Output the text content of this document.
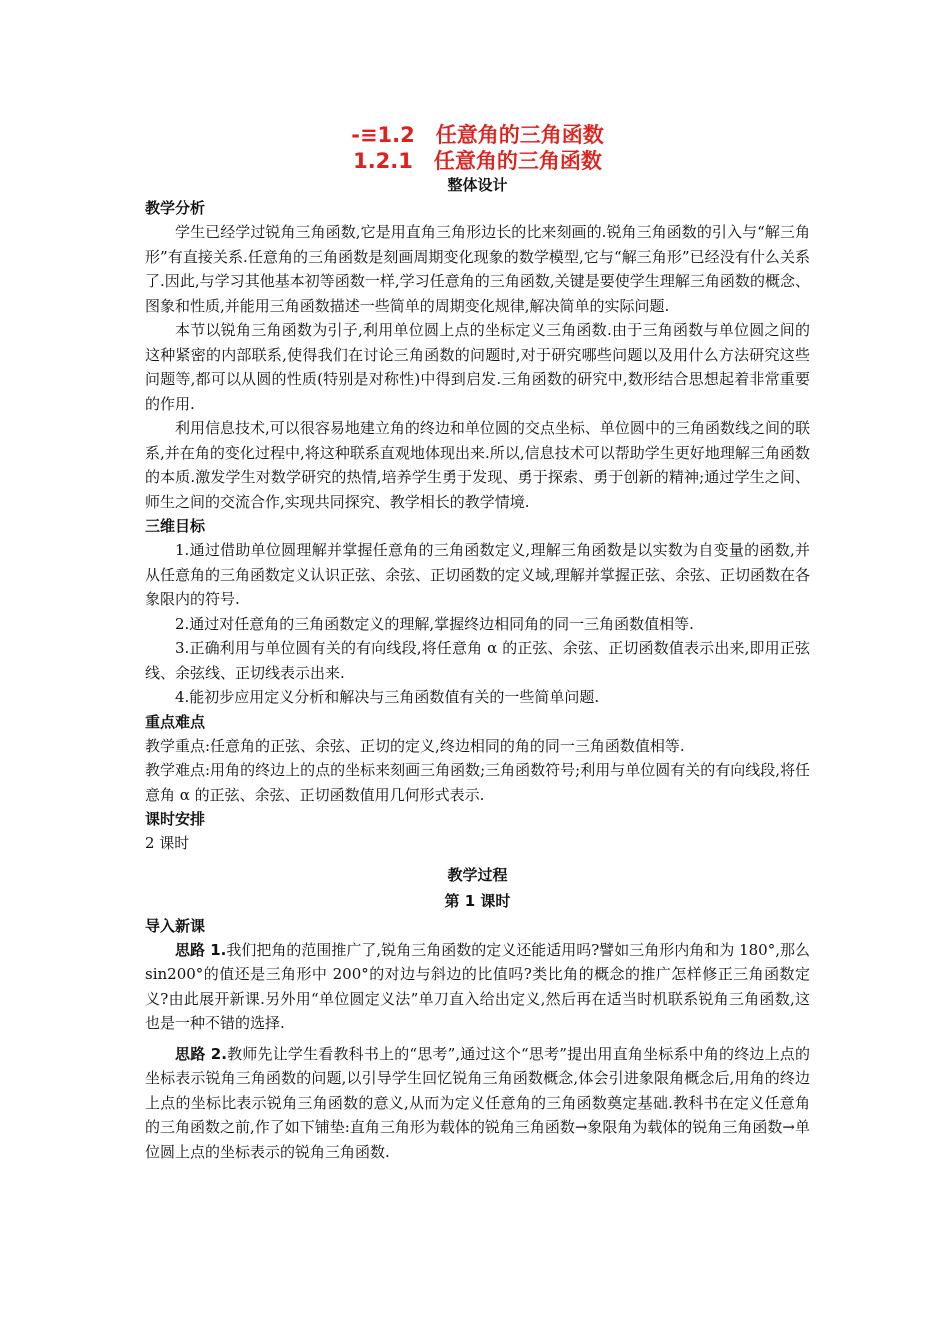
-≡1.2　任意角的三角函数
1.2.1　任意角的三角函数
整体设计
教学分析

学生已经学过锐角三角函数,它是用直角三角形边长的比来刻画的.锐角三角函数的引入与“解三角形”有直接关系.任意角的三角函数是刻画周期变化现象的数学模型,它与“解三角形”已经没有什么关系了.因此,与学习其他基本初等函数一样,学习任意角的三角函数,关键是要使学生理解三角函数的概念、图象和性质,并能用三角函数描述一些简单的周期变化规律,解决简单的实际问题.

本节以锐角三角函数为引子,利用单位圆上点的坐标定义三角函数.由于三角函数与单位圆之间的这种紧密的内部联系,使得我们在讨论三角函数的问题时,对于研究哪些问题以及用什么方法研究这些问题等,都可以从圆的性质(特别是对称性)中得到启发.三角函数的研究中,数形结合思想起着非常重要的作用.

利用信息技术,可以很容易地建立角的终边和单位圆的交点坐标、单位圆中的三角函数线之间的联系,并在角的变化过程中,将这种联系直观地体现出来.所以,信息技术可以帮助学生更好地理解三角函数的本质.激发学生对数学研究的热情,培养学生勇于发现、勇于探索、勇于创新的精神;通过学生之间、师生之间的交流合作,实现共同探究、教学相长的教学情境.

三维目标

1.通过借助单位圆理解并掌握任意角的三角函数定义,理解三角函数是以实数为自变量的函数,并从任意角的三角函数定义认识正弦、余弦、正切函数的定义域,理解并掌握正弦、余弦、正切函数在各象限内的符号.

2.通过对任意角的三角函数定义的理解,掌握终边相同角的同一三角函数值相等.

3.正确利用与单位圆有关的有向线段,将任意角 α 的正弦、余弦、正切函数值表示出来,即用正弦线、余弦线、正切线表示出来.

4.能初步应用定义分析和解决与三角函数值有关的一些简单问题.

重点难点

教学重点:任意角的正弦、余弦、正切的定义,终边相同的角的同一三角函数值相等.

教学难点:用角的终边上的点的坐标来刻画三角函数;三角函数符号;利用与单位圆有关的有向线段,将任意角 α 的正弦、余弦、正切函数值用几何形式表示.

课时安排

2 课时

教学过程
第 1 课时
导入新课

思路 1.我们把角的范围推广了,锐角三角函数的定义还能适用吗?譬如三角形内角和为 180°,那么 sin200°的值还是三角形中 200°的对边与斜边的比值吗?类比角的概念的推广怎样修正三角函数定义?由此展开新课.另外用“单位圆定义法”单刀直入给出定义,然后再在适当时机联系锐角三角函数,这也是一种不错的选择.

思路 2.教师先让学生看教科书上的“思考”,通过这个“思考”提出用直角坐标系中角的终边上点的坐标表示锐角三角函数的问题,以引导学生回忆锐角三角函数概念,体会引进象限角概念后,用角的终边上点的坐标比表示锐角三角函数的意义,从而为定义任意角的三角函数奠定基础.教科书在定义任意角的三角函数之前,作了如下铺垫:直角三角形为载体的锐角三角函数→象限角为载体的锐角三角函数→单位圆上点的坐标表示的锐角三角函数.
